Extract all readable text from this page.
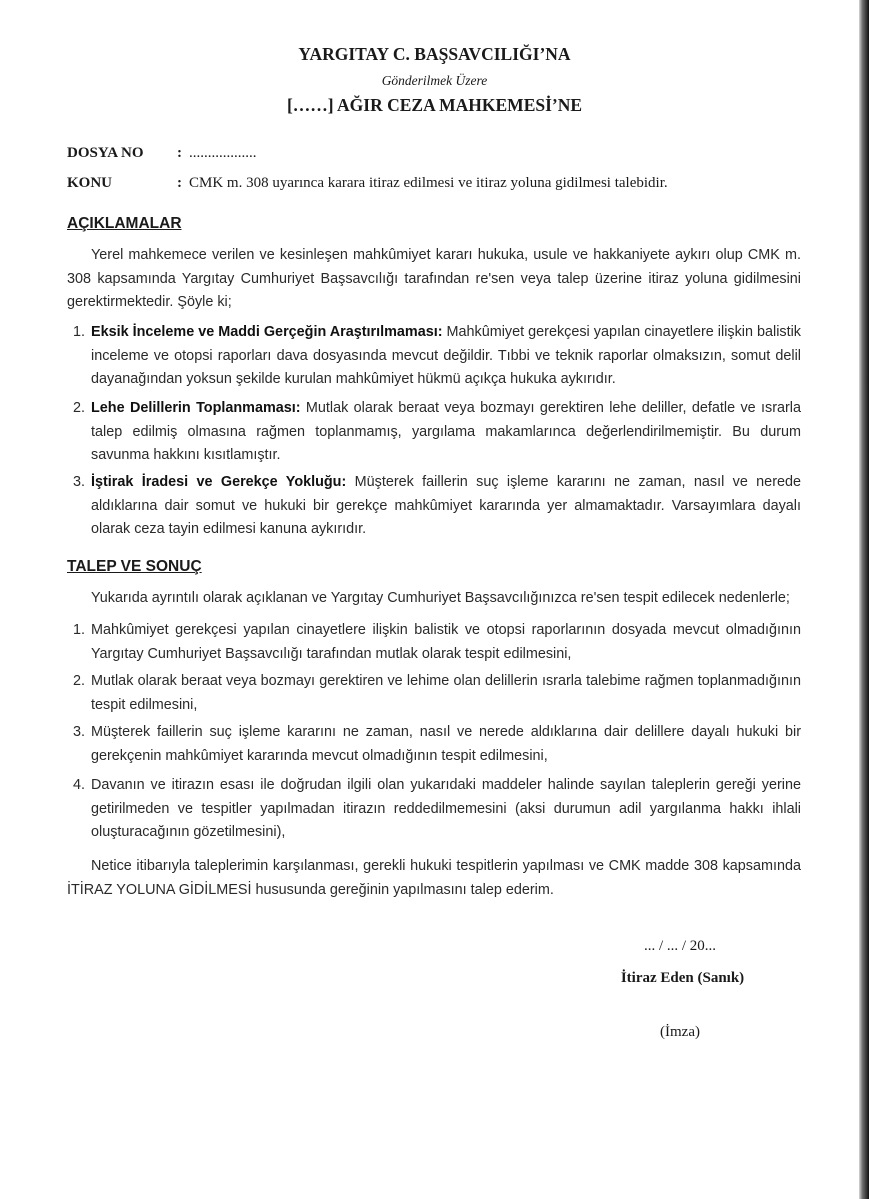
YARGITAY C. BAŞSAVCILIĞI’NA
Gönderilmek Üzere
[……] AĞIR CEZA MAHKEMESİ’NE
DOSYA NO : ..................
KONU	: CMK m. 308 uyarınca karara itiraz edilmesi ve itiraz yoluna gidilmesi talebidir.
AÇIKLAMALAR
Yerel mahkemece verilen ve kesinleşen mahkûmiyet kararı hukuka, usule ve hakkaniyete aykırı olup CMK m. 308 kapsamında Yargıtay Cumhuriyet Başsavcılığı tarafından re'sen veya talep üzerine itiraz yoluna gidilmesini gerektirmektedir. Şöyle ki;
1. Eksik İnceleme ve Maddi Gerçeğin Araştırılmaması: Mahkûmiyet gerekçesi yapılan cinayetlere ilişkin balistik inceleme ve otopsi raporları dava dosyasında mevcut değildir. Tıbbi ve teknik raporlar olmaksızın, somut delil dayanağından yoksun şekilde kurulan mahkûmiyet hükmü açıkça hukuka aykırıdır.
2. Lehe Delillerin Toplanmaması: Mutlak olarak beraat veya bozmayı gerektiren lehe deliller, defatle ve ısrarla talep edilmiş olmasına rağmen toplanmamış, yargılama makamlarınca değerlendirilmemiştir. Bu durum savunma hakkını kısıtlamıştır.
3. İştirak İradesi ve Gerekçe Yokluğu: Müşterek faillerin suç işleme kararını ne zaman, nasıl ve nerede aldıklarına dair somut ve hukuki bir gerekçe mahkûmiyet kararında yer almamaktadır. Varsayımlara dayalı olarak ceza tayin edilmesi kanuna aykırıdır.
TALEP VE SONUÇ
Yukarıda ayrıntılı olarak açıklanan ve Yargıtay Cumhuriyet Başsavcılığınızca re'sen tespit edilecek nedenlerle;
1. Mahkûmiyet gerekçesi yapılan cinayetlere ilişkin balistik ve otopsi raporlarının dosyada mevcut olmadığının Yargıtay Cumhuriyet Başsavcılığı tarafından mutlak olarak tespit edilmesini,
2. Mutlak olarak beraat veya bozmayı gerektiren ve lehime olan delillerin ısrarla talebime rağmen toplanmadığının tespit edilmesini,
3. Müşterek faillerin suç işleme kararını ne zaman, nasıl ve nerede aldıklarına dair delillere dayalı hukuki bir gerekçenin mahkûmiyet kararında mevcut olmadığının tespit edilmesini,
4. Davanın ve itirazın esası ile doğrudan ilgili olan yukarıdaki maddeler halinde sayılan taleplerin gereği yerine getirilmeden ve tespitler yapılmadan itirazın reddedilmemesini (aksi durumun adil yargılanma hakkı ihlali oluşturacağının gözetilmesini),
Netice itibarıyla taleplerimin karşılanması, gerekli hukuki tespitlerin yapılması ve CMK madde 308 kapsamında İTİRAZ YOLUNA GİDİLMESİ hususunda gereğinin yapılmasını talep ederim.
... / ... / 20...
İtiraz Eden (Sanık)
(İmza)
